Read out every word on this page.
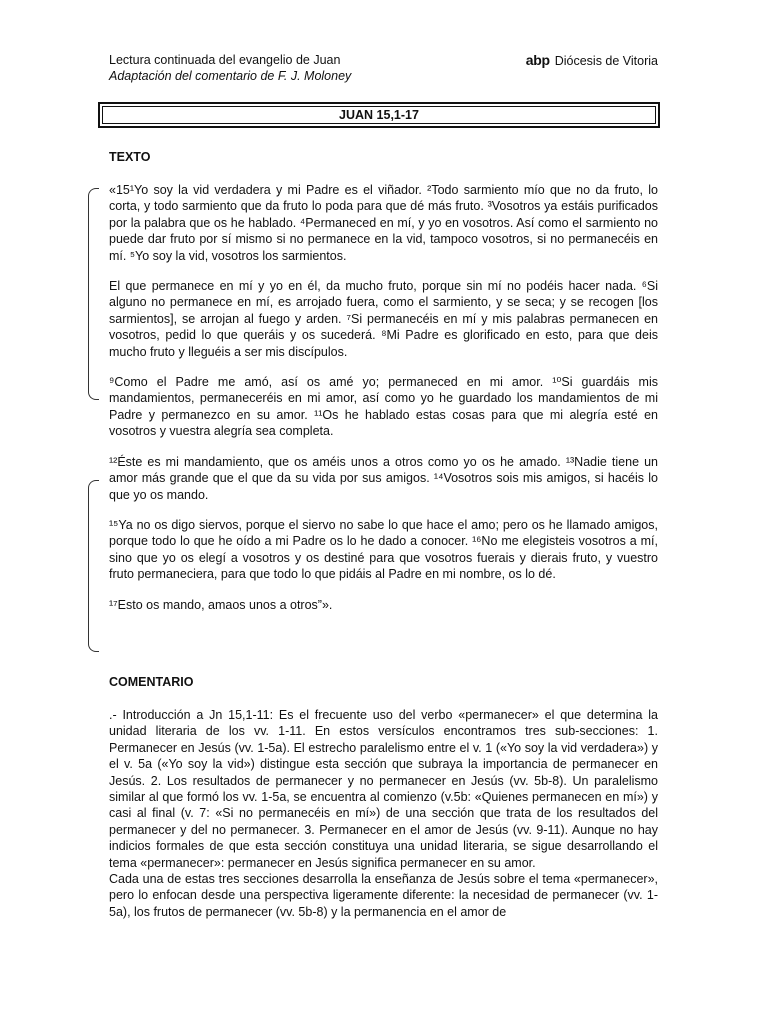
Lectura continuada del evangelio de Juan
Adaptación del comentario de F. J. Moloney
abp Diócesis de Vitoria
JUAN 15,1-17
TEXTO

«15¹Yo soy la vid verdadera y mi Padre es el viñador. ²Todo sarmiento mío que no da fruto, lo corta, y todo sarmiento que da fruto lo poda para que dé más fruto. ³Vosotros ya estáis purificados por la palabra que os he hablado. ⁴Permaneced en mí, y yo en vosotros. Así como el sarmiento no puede dar fruto por sí mismo si no permanece en la vid, tampoco vosotros, si no permanecéis en mí. ⁵Yo soy la vid, vosotros los sarmientos.

El que permanece en mí y yo en él, da mucho fruto, porque sin mí no podéis hacer nada. ⁶Si alguno no permanece en mí, es arrojado fuera, como el sarmiento, y se seca; y se recogen [los sarmientos], se arrojan al fuego y arden. ⁷Si permanecéis en mí y mis palabras permanecen en vosotros, pedid lo que queráis y os sucederá. ⁸Mi Padre es glorificado en esto, para que deis mucho fruto y lleguéis a ser mis discípulos.

⁹Como el Padre me amó, así os amé yo; permaneced en mi amor. ¹⁰Si guardáis mis mandamientos, permaneceréis en mi amor, así como yo he guardado los mandamientos de mi Padre y permanezco en su amor. ¹¹Os he hablado estas cosas para que mi alegría esté en vosotros y vuestra alegría sea completa.

¹²Éste es mi mandamiento, que os améis unos a otros como yo os he amado. ¹³Nadie tiene un amor más grande que el que da su vida por sus amigos. ¹⁴Vosotros sois mis amigos, si hacéis lo que yo os mando.

¹⁵Ya no os digo siervos, porque el siervo no sabe lo que hace el amo; pero os he llamado amigos, porque todo lo que he oído a mi Padre os lo he dado a conocer. ¹⁶No me elegisteis vosotros a mí, sino que yo os elegí a vosotros y os destiné para que vosotros fuerais y dierais fruto, y vuestro fruto permaneciera, para que todo lo que pidáis al Padre en mi nombre, os lo dé.

¹⁷Esto os mando, amaos unos a otros”».

COMENTARIO

.- Introducción a Jn 15,1-11: Es el frecuente uso del verbo «permanecer» el que determina la unidad literaria de los vv. 1-11. En estos versículos encontramos tres sub-secciones: 1. Permanecer en Jesús (vv. 1-5a). El estrecho paralelismo entre el v. 1 («Yo soy la vid verdadera») y el v. 5a («Yo soy la vid») distingue esta sección que subraya la importancia de permanecer en Jesús. 2. Los resultados de permanecer y no permanecer en Jesús (vv. 5b-8). Un paralelismo similar al que formó los vv. 1-5a, se encuentra al comienzo (v.5b: «Quienes permanecen en mí») y casi al final (v. 7: «Si no permanecéis en mí») de una sección que trata de los resultados del permanecer y del no permanecer. 3. Permanecer en el amor de Jesús (vv. 9-11). Aunque no hay indicios formales de que esta sección constituya una unidad literaria, se sigue desarrollando el tema «permanecer»: permanecer en Jesús significa permanecer en su amor.

Cada una de estas tres secciones desarrolla la enseñanza de Jesús sobre el tema «permanecer», pero lo enfocan desde una perspectiva ligeramente diferente: la necesidad de permanecer (vv. 1-5a), los frutos de permanecer (vv. 5b-8) y la permanencia en el amor de
